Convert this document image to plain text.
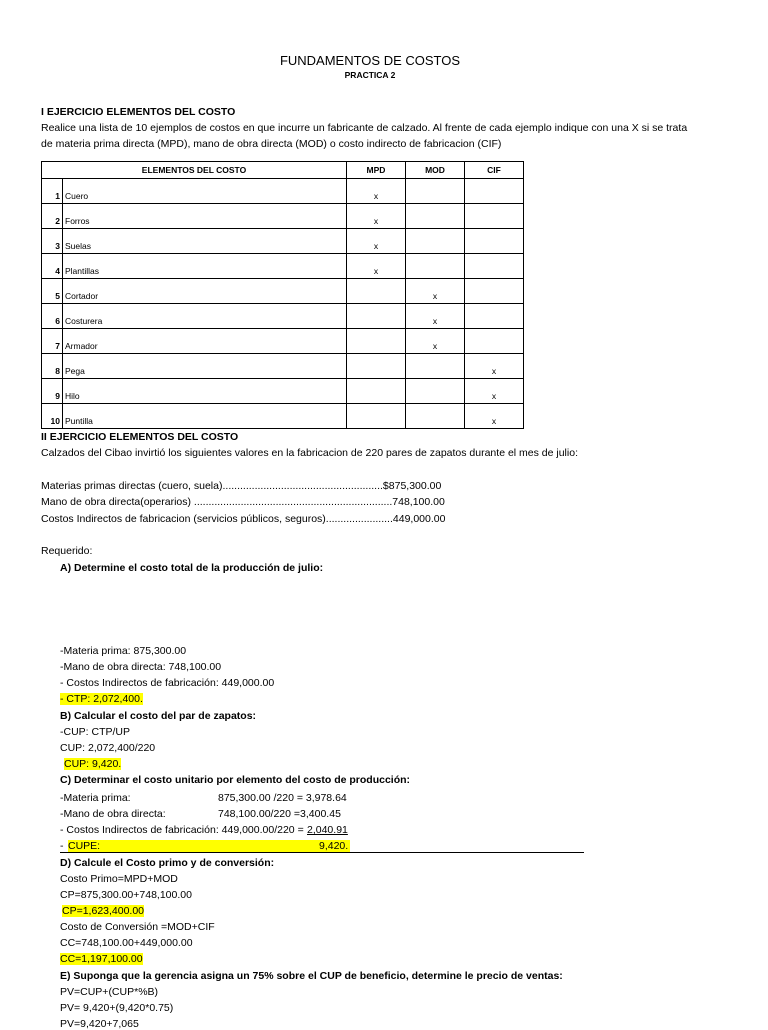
FUNDAMENTOS DE COSTOS
PRACTICA 2
I EJERCICIO ELEMENTOS DEL COSTO
Realice una lista de 10 ejemplos de costos en que incurre un fabricante de calzado. Al frente de cada ejemplo indique con una X si se trata
de materia prima directa (MPD), mano de obra directa (MOD) o costo indirecto de fabricacion (CIF)
ELEMENTOS DEL COSTO		MPD	MOD	CIF
1	Cuero	x		
2	Forros	x		
3	Suelas	x		
4	Plantillas	x		
5	Cortador		x	
6	Costurera		x	
7	Armador		x	
8	Pega			x
9	Hilo			x
10	Puntilla			x
II EJERCICIO ELEMENTOS DEL COSTO
Calzados del Cibao invirtió los siguientes valores en la fabricacion de 220 pares de zapatos durante el mes de julio:
Materias primas directas (cuero, suela).......................................................$875,300.00
Mano de obra directa(operarios) ....................................................................748,100.00
Costos Indirectos de fabricacion (servicios públicos, seguros).......................449,000.00
Requerido:
A) Determine el costo total de la producción de julio:
-Materia prima: 875,300.00
-Mano de obra directa: 748,100.00
- Costos Indirectos de fabricación: 449,000.00
- CTP: 2,072,400.
B) Calcular el costo del par de zapatos:
-CUP: CTP/UP
CUP: 2,072,400/220
CUP: 9,420.
C) Determinar el costo unitario por elemento del costo de producción:
-Materia prima:	875,300.00 /220 = 3,978.64
-Mano de obra directa:	748,100.00/220 =3,400.45
- Costos Indirectos de fabricación: 449,000.00/220 = 2,040.91
- CUPE:	9,420.
D) Calcule el Costo primo y de conversión:
Costo Primo=MPD+MOD
CP=875,300.00+748,100.00
CP=1,623,400.00
Costo de Conversión =MOD+CIF
CC=748,100.00+449,000.00
CC=1,197,100.00
E) Suponga que la gerencia asigna un 75% sobre el CUP de beneficio, determine le precio de ventas:
PV=CUP+(CUP*%B)
PV= 9,420+(9,420*0.75)
PV=9,420+7,065
